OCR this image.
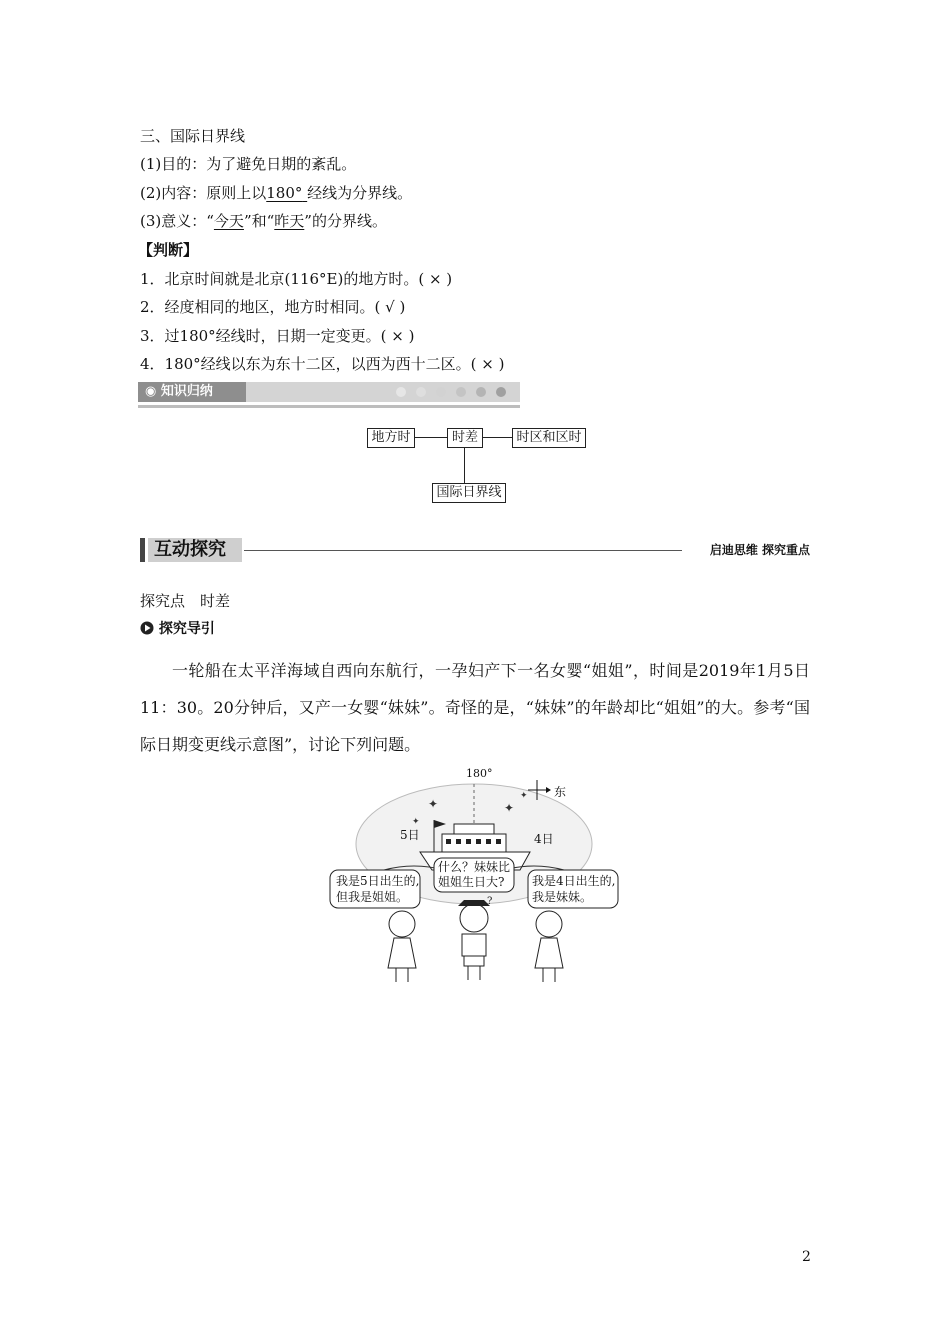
三、国际日界线
(1)目的：为了避免日期的紊乱。
(2)内容：原则上以180° 经线为分界线。
(3)意义：“今天”和“昨天”的分界线。
【判断】
1．北京时间就是北京(116°E)的地方时。( × )
2．经度相同的地区，地方时相同。( √ )
3．过180°经线时，日期一定变更。( × )
4．180°经线以东为东十二区，以西为西十二区。( × )
◉ 知识归纳
地方时	时差	时区和区时
国际日界线
互动探究	启迪思维 探究重点
探究点　时差
探究导引
一轮船在太平洋海域自西向东航行，一孕妇产下一名女婴“姐姐”，时间是2019年1月5日11：30。20分钟后，又产一女婴“妹妹”。奇怪的是，“妹妹”的年龄却比“姐姐”的大。参考“国际日期变更线示意图”，讨论下列问题。
✦	✦
✦
✦
?
180°
东
5日	4日
我是5日出生的,
但我是姐姐。
什么？妹妹比
姐姐生日大?	我是4日出生的,
我是妹妹。
2
